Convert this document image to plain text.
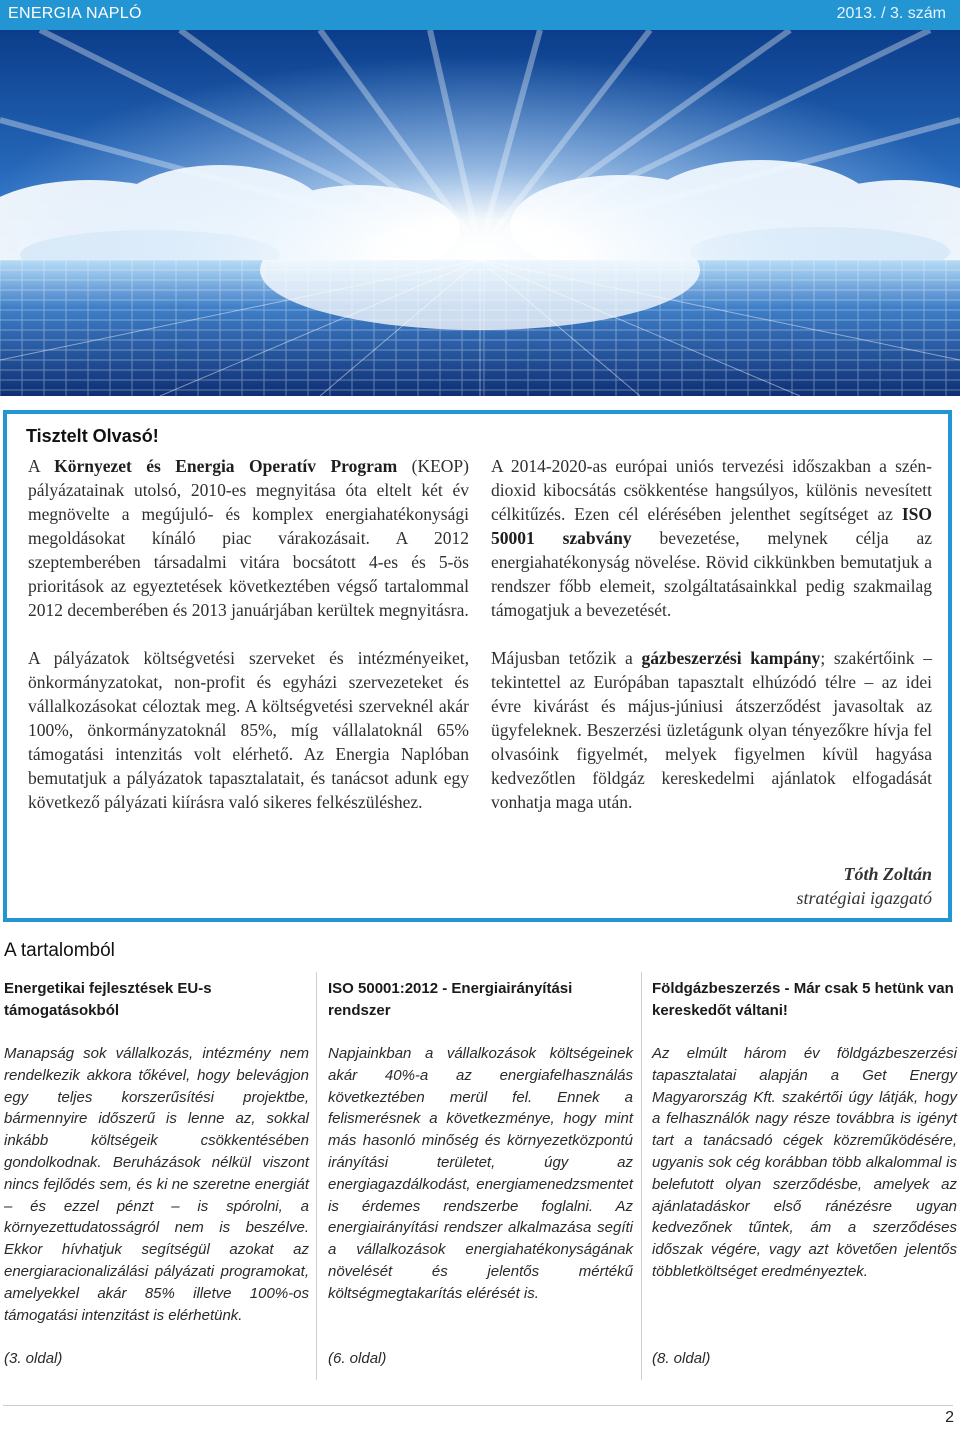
ENERGIA NAPLÓ	2013. / 3. szám
Tisztelt Olvasó!

A Környezet és Energia Operatív Program (KEOP) pályázatainak utolsó, 2010-es megnyitása óta eltelt két év megnövelte a megújuló- és komplex energiahatékonysági megoldásokat kínáló piac várakozásait. A 2012 szeptemberében társadalmi vitára bocsátott 4-es és 5-ös prioritások az egyeztetések következtében végső tartalommal 2012 decemberében és 2013 januárjában kerültek megnyitásra.

A pályázatok költségvetési szerveket és intézményeiket, önkormányzatokat, non-profit és egyházi szervezeteket és vállalkozásokat céloztak meg. A költségvetési szerveknél akár 100%, önkormányzatoknál 85%, míg vállalatoknál 65% támogatási intenzitás volt elérhető. Az Energia Naplóban bemutatjuk a pályázatok tapasztalatait, és tanácsot adunk egy következő pályázati kiírásra való sikeres felkészüléshez.

A 2014-2020-as európai uniós tervezési időszakban a szén-dioxid kibocsátás csökkentése hangsúlyos, különis nevesített célkitűzés. Ezen cél elérésében jelenthet segítséget az ISO 50001 szabvány bevezetése, melynek célja az energiahatékonyság növelése. Rövid cikkünkben bemutatjuk a rendszer főbb elemeit, szolgáltatásainkkal pedig szakmailag támogatjuk a bevezetését.

Májusban tetőzik a gázbeszerzési kampány; szakértőink – tekintettel az Európában tapasztalt elhúzódó télre – az idei évre kivárást és május-júniusi átszerződést javasoltak az ügyfeleknek. Beszerzési üzletágunk olyan tényezőkre hívja fel olvasóink figyelmét, melyek figyelmen kívül hagyása kedvezőtlen földgáz kereskedelmi ajánlatok elfogadását vonhatja maga után.

Tóth Zoltán
stratégiai igazgató
A tartalomból
Energetikai fejlesztések EU-s támogatásokból
Manapság sok vállalkozás, intézmény nem rendelkezik akkora tőkével, hogy belevágjon egy teljes korszerűsítési projektbe, bármennyire időszerű is lenne az, sokkal inkább költségeik csökkentésében gondolkodnak. Beruházások nélkül viszont nincs fejlődés sem, és ki ne szeretne energiát – és ezzel pénzt – is spórolni, a környezettudatosságról nem is beszélve. Ekkor hívhatjuk segítségül azokat az energiaracionalizálási pályázati programokat, amelyekkel akár 85% illetve 100%-os támogatási intenzitást is elérhetünk.
ISO 50001:2012 - Energiairányítási rendszer
Napjainkban a vállalkozások költségeinek akár 40%-a az energiafelhasználás következtében merül fel. Ennek a felismerésnek a következménye, hogy mint más hasonló minőség és környezetközpontú irányítási területet, úgy az energiagazdálkodást, energiamenedzsmentet is érdemes rendszerbe foglalni. Az energiairányítási rendszer alkalmazása segíti a vállalkozások energiahatékonyságának növelését és jelentős mértékű költségmegtakarítás elérését is.
Földgázbeszerzés - Már csak 5 hetünk van kereskedőt váltani!
Az elmúlt három év földgázbeszerzési tapasztalatai alapján a Get Energy Magyarország Kft. szakértői úgy látják, hogy a felhasználók nagy része továbbra is igényt tart a tanácsadó cégek közreműködésére, ugyanis sok cég korábban több alkalommal is belefutott olyan szerződésbe, amelyek az ajánlatadáskor első ránézésre ugyan kedvezőnek tűntek, ám a szerződéses időszak végére, vagy azt követően jelentős többletköltséget eredményeztek.
(3. oldal)	(6. oldal)	(8. oldal)
2
